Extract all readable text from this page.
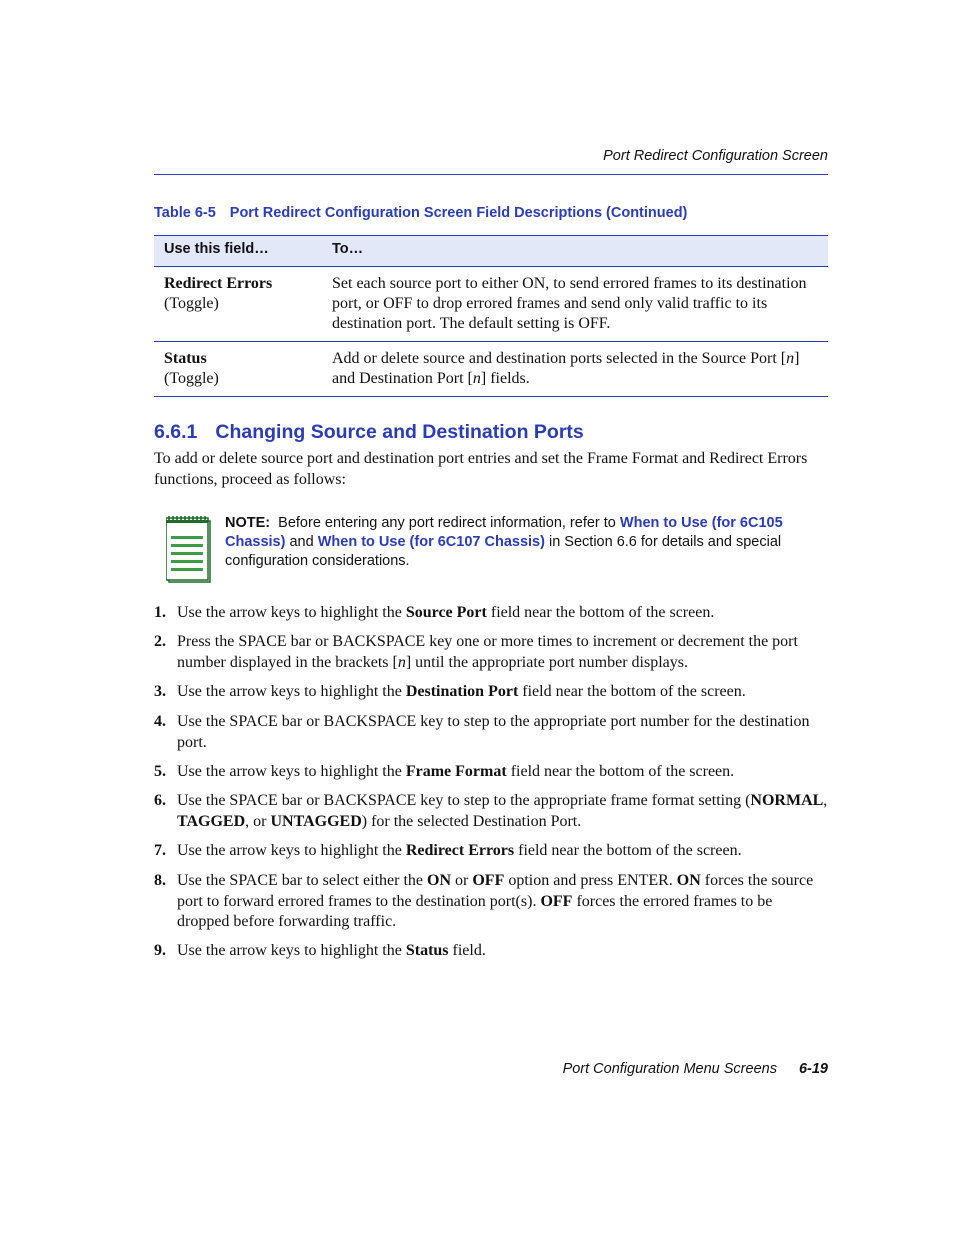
Port Redirect Configuration Screen
Table 6-5 Port Redirect Configuration Screen Field Descriptions (Continued)
Use this field…	To…
Redirect Errors
(Toggle)
Set each source port to either ON, to send errored frames to its destination port, or OFF to drop errored frames and send only valid traffic to its destination port. The default setting is OFF.
Status
(Toggle)
Add or delete source and destination ports selected in the Source Port [n] and Destination Port [n] fields.
6.6.1 Changing Source and Destination Ports
To add or delete source port and destination port entries and set the Frame Format and Redirect Errors functions, proceed as follows:
NOTE: Before entering any port redirect information, refer to When to Use (for 6C105 Chassis) and When to Use (for 6C107 Chassis) in Section 6.6 for details and special configuration considerations.
1. Use the arrow keys to highlight the Source Port field near the bottom of the screen.
2. Press the SPACE bar or BACKSPACE key one or more times to increment or decrement the port number displayed in the brackets [n] until the appropriate port number displays.
3. Use the arrow keys to highlight the Destination Port field near the bottom of the screen.
4. Use the SPACE bar or BACKSPACE key to step to the appropriate port number for the destination port.
5. Use the arrow keys to highlight the Frame Format field near the bottom of the screen.
6. Use the SPACE bar or BACKSPACE key to step to the appropriate frame format setting (NORMAL, TAGGED, or UNTAGGED) for the selected Destination Port.
7. Use the arrow keys to highlight the Redirect Errors field near the bottom of the screen.
8. Use the SPACE bar to select either the ON or OFF option and press ENTER. ON forces the source port to forward errored frames to the destination port(s). OFF forces the errored frames to be dropped before forwarding traffic.
9. Use the arrow keys to highlight the Status field.
Port Configuration Menu Screens 6-19
